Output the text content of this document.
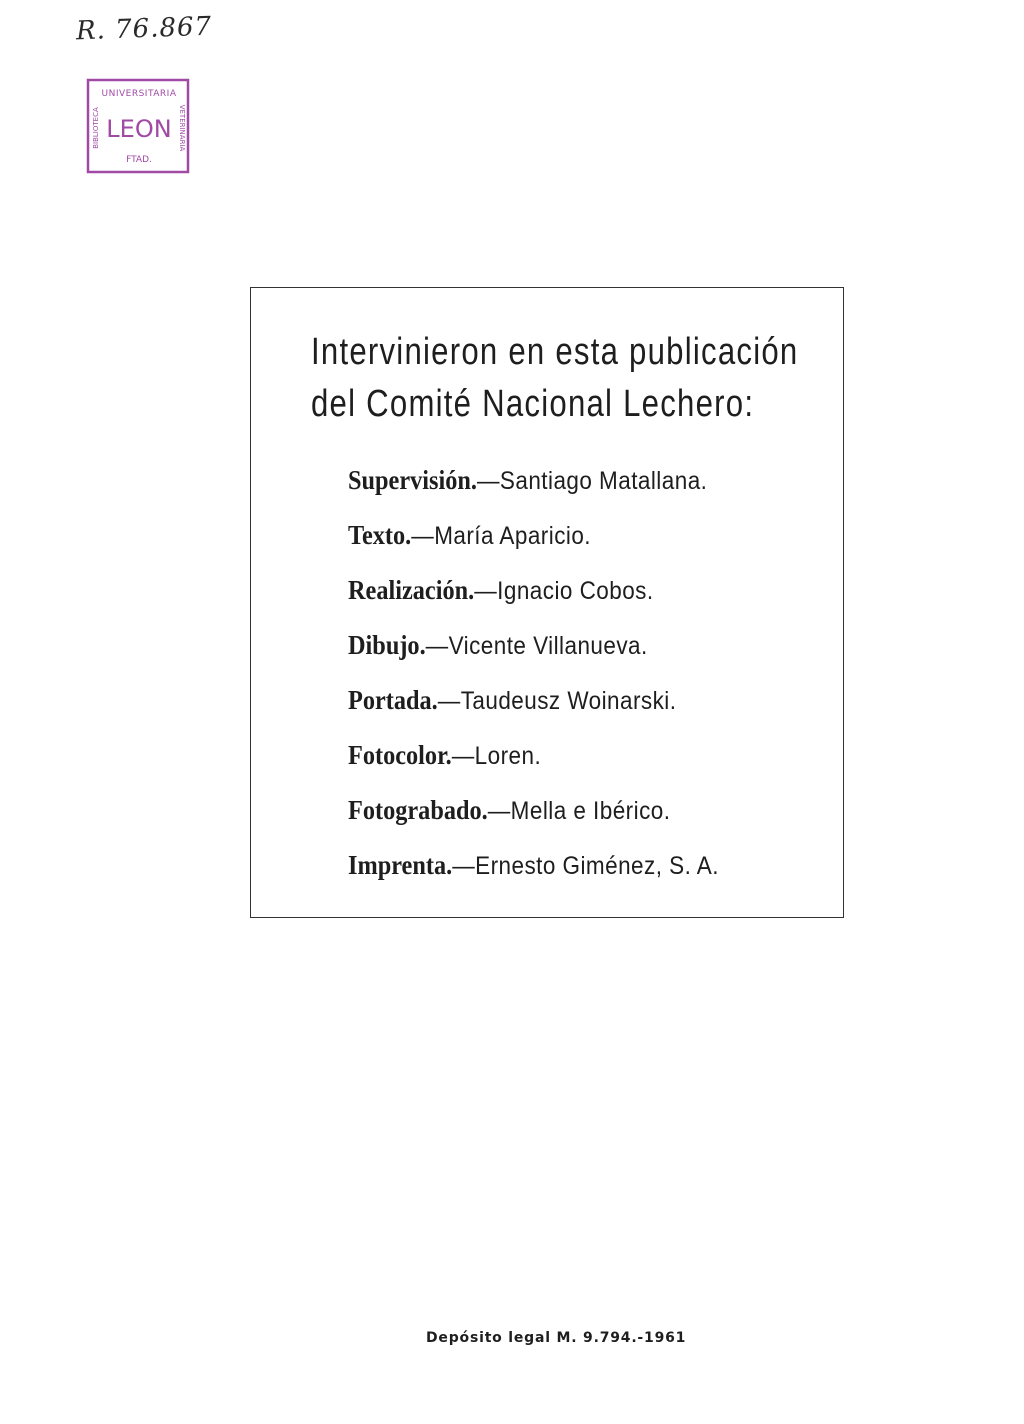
R. 76.867
UNIVERSITARIA
BIBLIOTECA	VETERINARIA
LEON
FTAD.
Intervinieron en esta publicación
del Comité Nacional Lechero:
Supervisión.—Santiago Matallana.
Texto.—María Aparicio.
Realización.—Ignacio Cobos.
Dibujo.—Vicente Villanueva.
Portada.—Taudeusz Woinarski.
Fotocolor.—Loren.
Fotograbado.—Mella e Ibérico.
Imprenta.—Ernesto Giménez, S. A.
Depósito legal M. 9.794.-1961
